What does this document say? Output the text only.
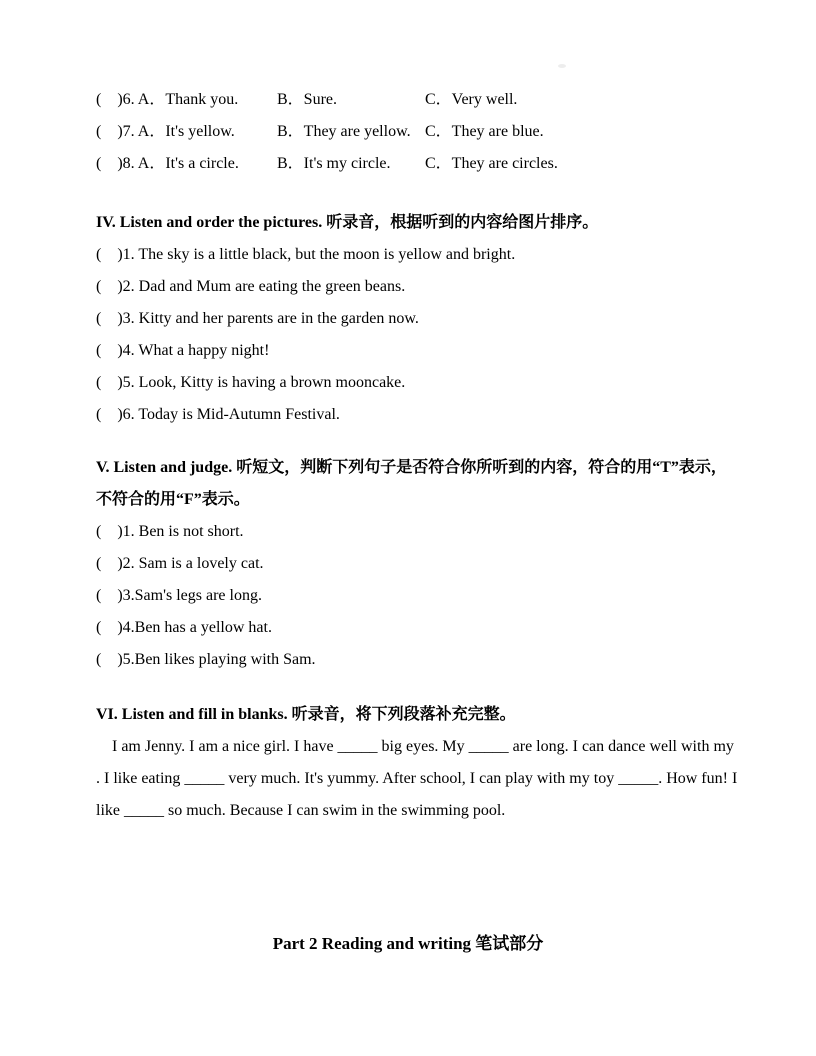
(    )6. A．Thank you. B．Sure.	C．Very well.
(    )7. A．It's yellow.	B．They are yellow. C．They are blue.
(    )8. A．It's a circle. B．It's my circle. C．They are circles.
IV. Listen and order the pictures. 听录音，根据听到的内容给图片排序。
(    )1. The sky is a little black, but the moon is yellow and bright.
(    )2. Dad and Mum are eating the green beans.
(    )3. Kitty and her parents are in the garden now.
(    )4. What a happy night!
(    )5. Look, Kitty is having a brown mooncake.
(    )6. Today is Mid-Autumn Festival.
V. Listen and judge. 听短文，判断下列句子是否符合你所听到的内容，符合的用“T”表示，
不符合的用“F”表示。
(    )1. Ben is not short.
(    )2. Sam is a lovely cat.
(    )3.Sam's legs are long.
(    )4.Ben has a yellow hat.
(    )5.Ben likes playing with Sam.
VI. Listen and fill in blanks. 听录音，将下列段落补充完整。
I am Jenny. I am a nice girl. I have _____ big eyes. My _____ are long. I can dance well with my
. I like eating _____ very much. It's yummy. After school, I can play with my toy _____. How fun! I
like _____ so much. Because I can swim in the swimming pool.
Part 2 Reading and writing 笔试部分
